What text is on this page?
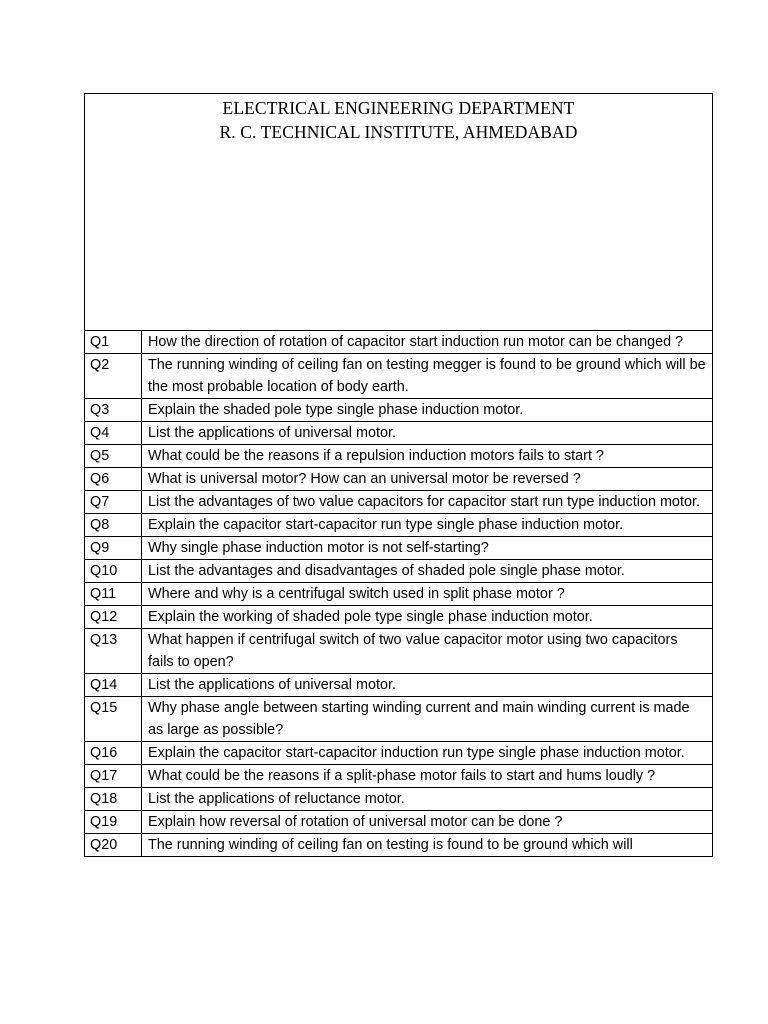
ELECTRICAL ENGINEERING DEPARTMENT
R. C. TECHNICAL INSTITUTE, AHMEDABAD	

Q1	How the direction of rotation of capacitor start induction run motor can be changed ?
Q2	The running winding of ceiling fan on testing megger is found to be ground which will be the most probable location of body earth.
Q3	Explain the shaded pole type single phase induction motor.
Q4	List the applications of universal motor.
Q5	What could be the reasons if a repulsion induction motors fails to start ?
Q6	What is universal motor? How can an universal motor be reversed ?
Q7	List the advantages of two value capacitors for capacitor start run type induction motor.
Q8	Explain the capacitor start-capacitor run type single phase induction motor.
Q9	Why single phase induction motor is not self-starting?
Q10	List the advantages and disadvantages of shaded pole single phase motor.
Q11	Where and why is a centrifugal switch used in split phase motor ?
Q12	Explain the working of shaded pole type single phase induction motor.
Q13	What happen if centrifugal switch of two value capacitor motor using two capacitors fails to open?
Q14	List the applications of universal motor.
Q15	Why phase angle between starting winding current and main winding current is made as large as possible?
Q16	Explain the capacitor start-capacitor induction run type single phase induction motor.
Q17	What could be the reasons if a split-phase motor fails to start and hums loudly ?
Q18	List the applications of reluctance motor.
Q19	Explain how reversal of rotation of universal motor can be done ?
Q20	The running winding of ceiling fan on testing is found to be ground which will
